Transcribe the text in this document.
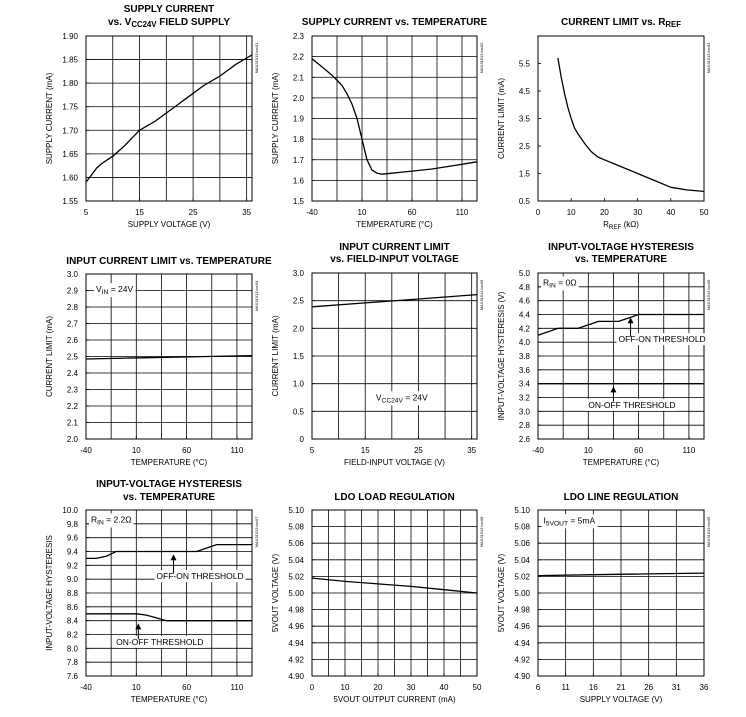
SUPPLY CURRENT
vs. $V_{CC24V}$ FIELD SUPPLY
5	15	25	35
1.55
1.60
1.65
1.70
1.75
1.80
1.85
1.90
SUPPLY VOLTAGE (V)
SUPPLY CURRENT (mA)
MAX31913 toc01
SUPPLY CURRENT vs. TEMPERATURE
-40	10	60	110
1.5
1.6
1.7
1.8
1.9
2.0
2.1
2.2
2.3
TEMPERATURE (°C)
SUPPLY CURRENT (mA)
MAX31913 toc02
CURRENT LIMIT vs. $R_{REF}$
0	10	20	30	40	50
0.5
1.5
2.5
3.5
4.5
5.5
$R_{REF}$ (kΩ)
CURRENT LIMIT (mA)
MAX31913 toc03
INPUT CURRENT LIMIT vs. TEMPERATURE
-40	10	60	110
2.0
2.1
2.2
2.3
2.4
2.5
2.6
2.7
2.8
2.9
3.0
TEMPERATURE (°C)
CURRENT LIMIT (mA)
MAX31913 toc04
$V_{IN} = 24V$
INPUT CURRENT LIMIT
vs. FIELD-INPUT VOLTAGE
5	15	25	35
0
0.5
1.0
1.5
2.0
2.5
3.0
FIELD-INPUT VOLTAGE (V)
CURRENT LIMIT (mA)
MAX31913 toc05
$V_{CC24V} = 24V$
INPUT-VOLTAGE HYSTERESIS
vs. TEMPERATURE
-40	10	60	110
2.6
2.8
3.0
3.2
3.4
3.6
3.8
4.0
4.2
4.4
4.6
4.8
5.0
TEMPERATURE (°C)
INPUT-VOLTAGE HYSTERESIS (V)	MAX31913 toc06
$R_{IN} = 0\Omega$
OFF-ON THRESHOLD
ON-OFF THRESHOLD
INPUT-VOLTAGE HYSTERESIS
vs. TEMPERATURE
-40	10	60	110
7.6
7.8
8.0
8.2
8.4
8.6
8.8
9.0
9.2
9.4
9.6
9.8
10.0
TEMPERATURE (°C)
INPUT-VOLTAGE HYSTERESIS
MAX31913 toc07
$R_{IN} = 2.2\Omega$
OFF-ON THRESHOLD
ON-OFF THRESHOLD
LDO LOAD REGULATION
0	10	20	30	40	50
4.90
4.92
4.94
4.96
4.98
5.00
5.02
5.04
5.06
5.08
5.10
5VOUT OUTPUT CURRENT (mA)
5VOUT VOLTAGE (V)
MAX31913 toc08
LDO LINE REGULATION
6	11 16 21 26 31 36
4.90
4.92
4.94
4.96
4.98
5.00
5.02
5.04
5.06
5.08
5.10
SUPPLY VOLTAGE (V)
5VOUT VOLTAGE (V)
MAX31913 toc09
$I_{5VOUT} = 5mA$
